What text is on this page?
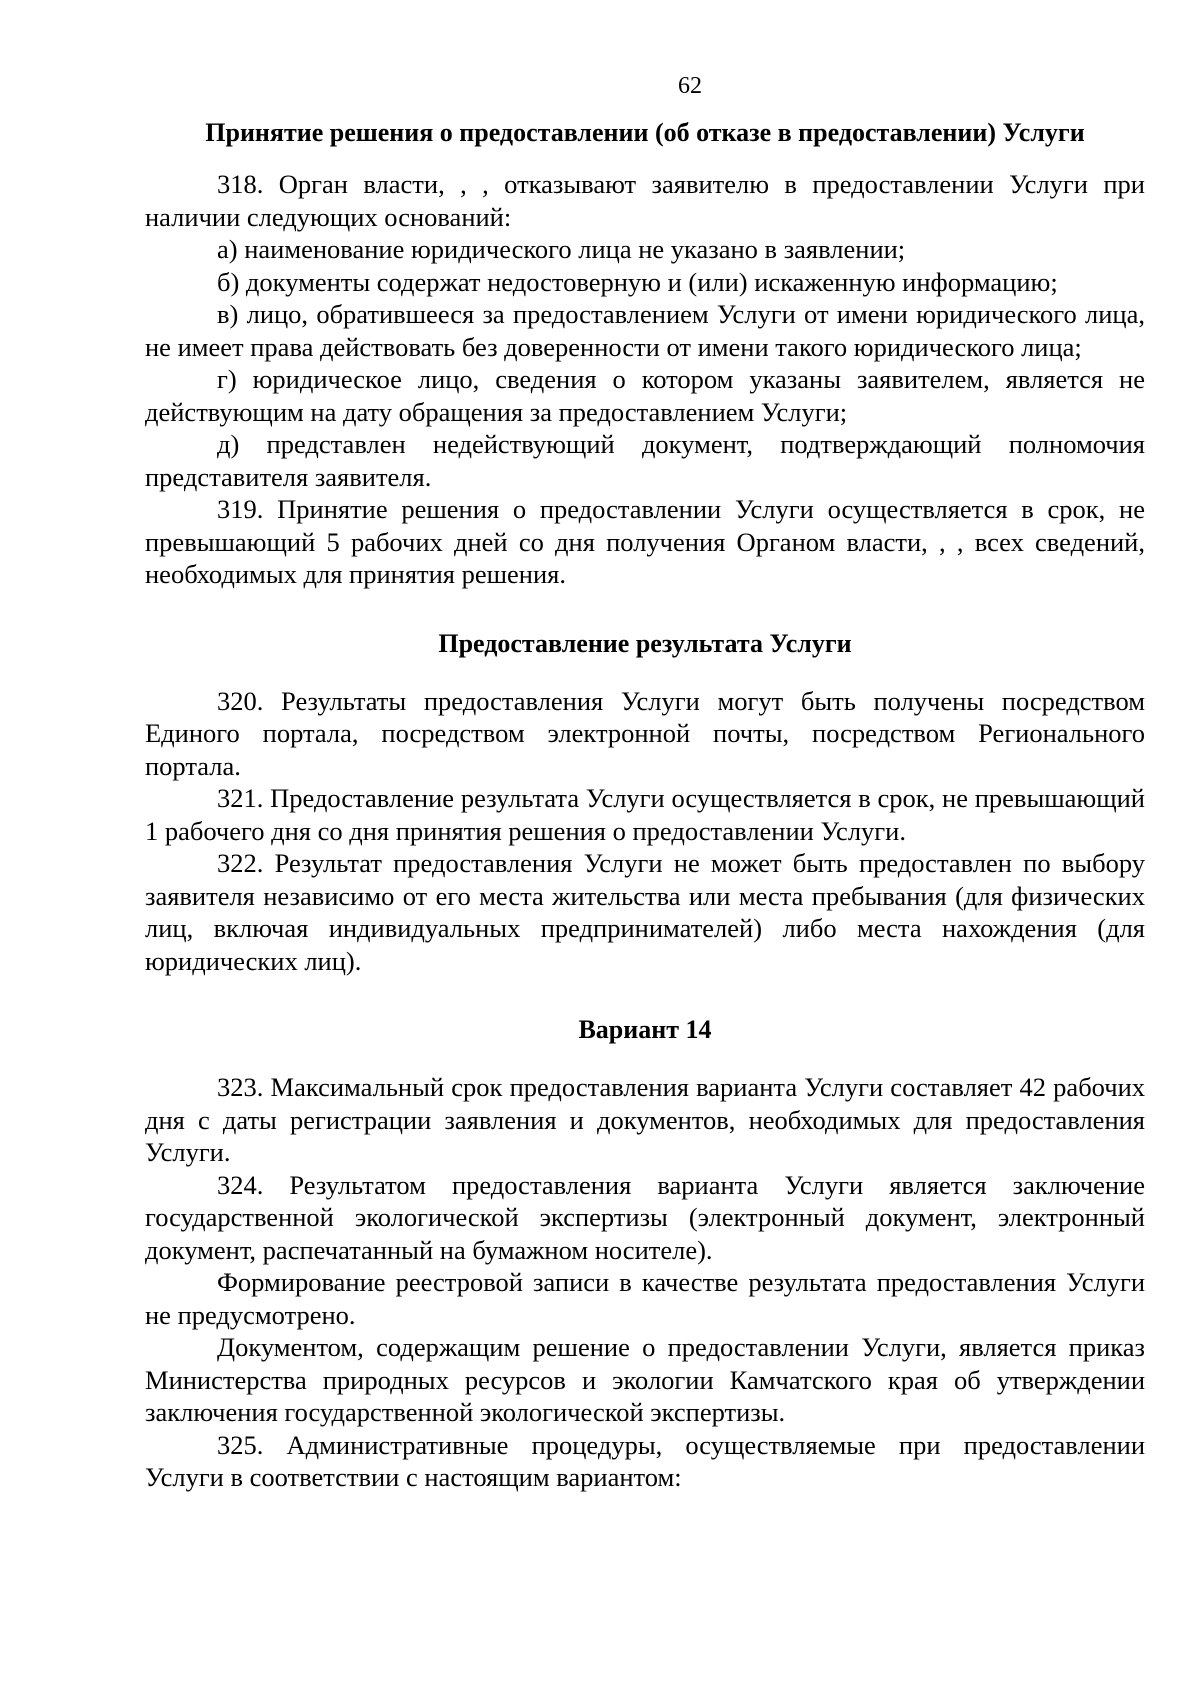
62
Принятие решения о предоставлении (об отказе в предоставлении) Услуги

318. Орган власти, , , отказывают заявителю в предоставлении Услуги при наличии следующих оснований:

а) наименование юридического лица не указано в заявлении;

б) документы содержат недостоверную и (или) искаженную информацию;

в) лицо, обратившееся за предоставлением Услуги от имени юридического лица, не имеет права действовать без доверенности от имени такого юридического лица;

г) юридическое лицо, сведения о котором указаны заявителем, является не действующим на дату обращения за предоставлением Услуги;

д) представлен недействующий документ, подтверждающий полномочия представителя заявителя.

319. Принятие решения о предоставлении Услуги осуществляется в срок, не превышающий 5 рабочих дней со дня получения Органом власти, , , всех сведений, необходимых для принятия решения.

Предоставление результата Услуги

320. Результаты предоставления Услуги могут быть получены посредством Единого портала, посредством электронной почты, посредством Регионального портала.

321. Предоставление результата Услуги осуществляется в срок, не превышающий 1 рабочего дня со дня принятия решения о предоставлении Услуги.

322. Результат предоставления Услуги не может быть предоставлен по выбору заявителя независимо от его места жительства или места пребывания (для физических лиц, включая индивидуальных предпринимателей) либо места нахождения (для юридических лиц).

Вариант 14

323. Максимальный срок предоставления варианта Услуги составляет 42 рабочих дня с даты регистрации заявления и документов, необходимых для предоставления Услуги.

324. Результатом предоставления варианта Услуги является заключение государственной экологической экспертизы (электронный документ, электронный документ, распечатанный на бумажном носителе).

Формирование реестровой записи в качестве результата предоставления Услуги не предусмотрено.

Документом, содержащим решение о предоставлении Услуги, является приказ Министерства природных ресурсов и экологии Камчатского края об утверждении заключения государственной экологической экспертизы.

325. Административные процедуры, осуществляемые при предоставлении Услуги в соответствии с настоящим вариантом:
